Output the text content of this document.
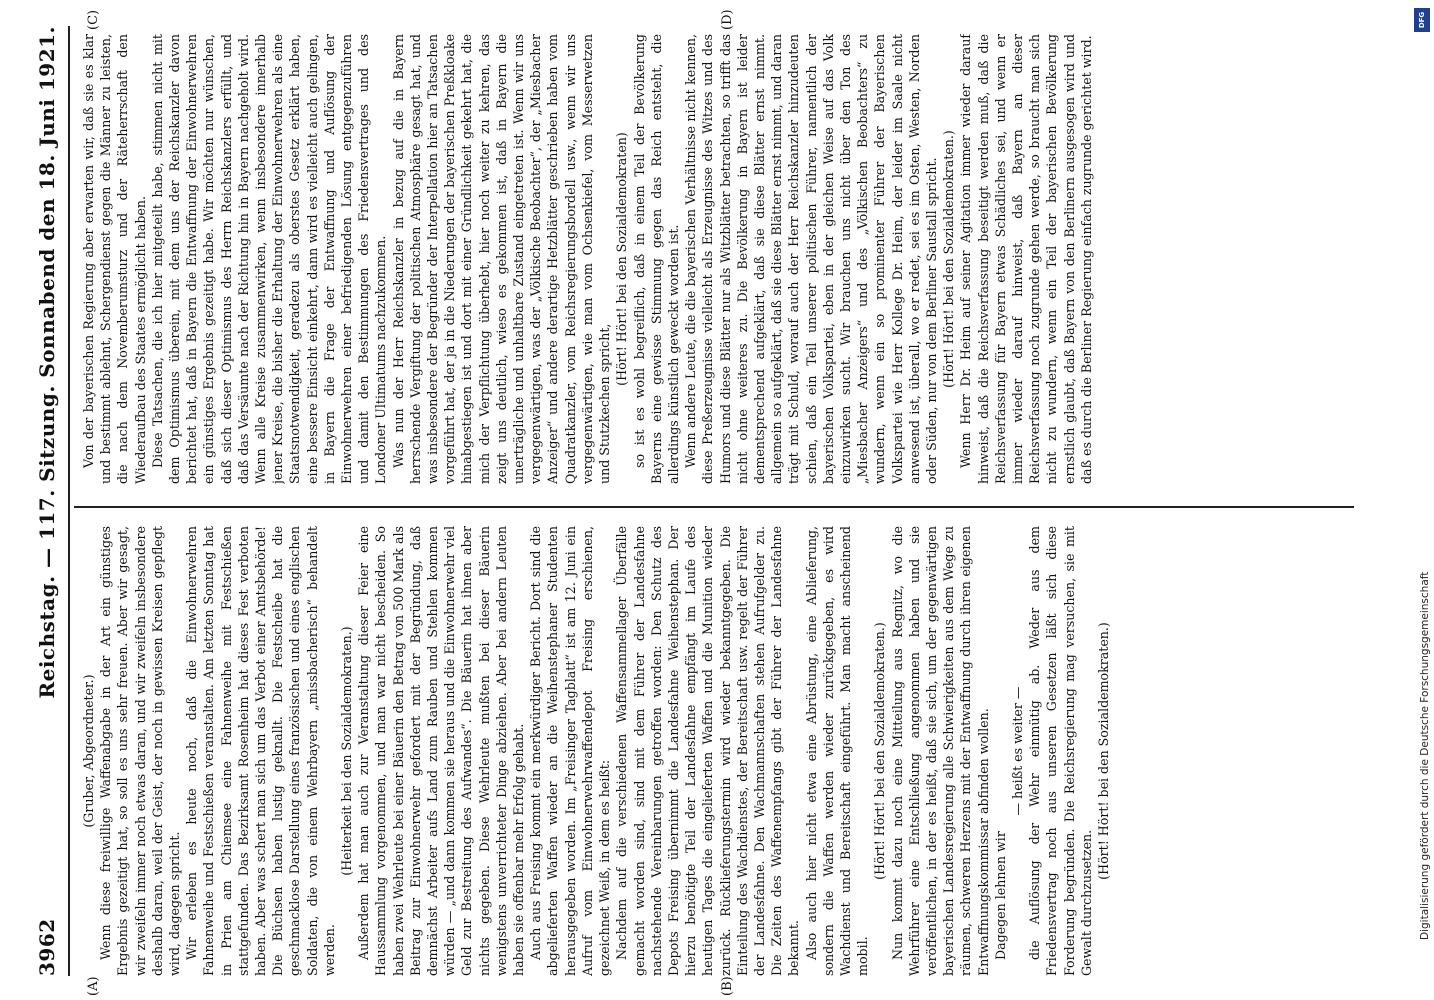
3962
Reichstag. — 117. Sitzung. Sonnabend den 18. Juni 1921.

(Gruber, Abgeordneter.) Wenn diese freiwillige Waffenabgabe in der Art ein günstiges Ergebnis gezeitigt hat, so soll es uns sehr freuen. Aber wir gesagt, wir zweifeln immer noch etwas daran, und wir zweifeln insbesondere deshalb daran, weil der Geist, der noch in gewissen Kreisen gepflegt wird, dagegen spricht. Wir erleben es heute noch, daß die Einwohnerwehren Fahnenweihe und Festschießen veranstalten. Am letzten Sonntag hat in Prien am Chiemsee eine Fahnenweihe mit Festschießen stattgefunden. Das Bezirksamt Rosenheim hat dieses Fest verboten haben. Aber was schert man sich um das Verbot einer Amtsbehörde! Die Büchsen haben lustig geknallt. Die Festscheibe hat die geschmacklose Darstellung eines französischen und eines englischen Soldaten, die von einem Wehrbayern „missbacherisch“ behandelt werden.

(Heiterkeit bei den Sozialdemokraten.) Außerdem hat man auch zur Veranstaltung dieser Feier eine Haussammlung vorgenommen, und man war nicht bescheiden. So haben zwei Wehrleute bei einer Bäuerin den Betrag von 500 Mark als Beitrag zur Einwohnerwehr gefordert mit der Begründung, daß demnächst Arbeiter aufs Land zum Rauben und Stehlen kommen würden — „und dann kommen sie heraus und die Einwohnerwehr viel Geld zur Bestreitung des Aufwandes“. Die Bäuerin hat ihnen aber nichts gegeben. Diese Wehrleute mußten bei dieser Bäuerin wenigstens unverrichteter Dinge abziehen. Aber bei andern Leuten haben sie offenbar mehr Erfolg gehabt. Auch aus Freising kommt ein merkwürdiger Bericht. Dort sind die abgelieferten Waffen wieder an die Weihenstephaner Studenten herausgegeben worden. Im „Freisinger Tagblatt“ ist am 12. Juni ein Aufruf vom Einwohnerwehrwaffendepot Freising erschienen, gezeichnet Weiß, in dem es heißt: Nachdem auf die verschiedenen Waffensammellager Überfälle gemacht worden sind, sind mit dem Führer der Landesfahne nachstehende Vereinbarungen getroffen worden: Den Schutz des Depots Freising übernimmt die Landesfahne Weihenstephan. Der hierzu benötigte Teil der Landesfahne empfängt im Laufe des heutigen Tages die eingelieferten Waffen und die Munition wieder zurück. Rücklieferungstermin wird wieder bekanntgegeben. Die Einteilung des Wachdienstes, der Bereitschaft usw. regelt der Führer der Landesfahne. Den Wachmannschaften stehen Aufrufgelder zu. Die Zeiten des Waffenempfangs gibt der Führer der Landesfahne bekannt. Also auch hier nicht etwa eine Abrüstung, eine Ablieferung, sondern die Waffen werden wieder zurückgegeben, es wird Wachdienst und Bereitschaft eingeführt. Man macht anscheinend mobil.

(Hört! Hört! bei den Sozialdemokraten.) Nun kommt dazu noch eine Mitteilung aus Regnitz, wo die Wehrführer eine Entschließung angenommen haben und sie veröffentlichen, in der es heißt, daß sie sich, um der gegenwärtigen bayerischen Landesregierung alle Schwierigkeiten aus dem Wege zu räumen, schweren Herzens mit der Entwaffnung durch ihren eigenen Entwaffnungskommissar abfinden wollen. Dagegen lehnen wir

— heißt es weiter — die Auflösung der Wehr einmütig ab. Weder aus dem Friedensvertrag noch aus unseren Gesetzen läßt sich diese Forderung begründen. Die Reichsregierung mag versuchen, sie mit Gewalt durchzusetzen.

(Hört! Hört! bei den Sozialdemokraten.)

Von der bayerischen Regierung aber erwarten wir, daß sie es klar und bestimmt ablehnt, Schergendienst gegen die Männer zu leisten, die nach dem Novemberumsturz und der Räteherrschaft den Wiederaufbau des Staates ermöglicht haben. Diese Tatsachen, die ich hier mitgeteilt habe, stimmen nicht mit dem Optimismus überein, mit dem uns der Reichskanzler davon berichtet hat, daß in Bayern die Entwaffnung der Einwohnerwehren ein günstiges Ergebnis gezeitigt habe. Wir möchten nur wünschen, daß sich dieser Optimismus des Herrn Reichskanzlers erfüllt, und daß das Versäumte nach der Richtung hin in Bayern nachgeholt wird. Wenn alle Kreise zusammenwirken, wenn insbesondere innerhalb jener Kreise, die bisher die Erhaltung der Einwohnerwehren als eine Staatsnotwendigkeit, geradezu als oberstes Gesetz erklärt haben, eine bessere Einsicht einkehrt, dann wird es vielleicht auch gelingen, in Bayern die Frage der Entwaffnung und Auflösung der Einwohnerwehren einer befriedigenden Lösung entgegenzuführen und damit den Bestimmungen des Friedensvertrages und des Londoner Ultimatums nachzukommen. Was nun der Herr Reichskanzler in bezug auf die in Bayern herrschende Vergiftung der politischen Atmosphäre gesagt hat, und was insbesondere der Begründer der Interpellation hier an Tatsachen vorgeführt hat, der ja in die Niederungen der bayerischen Preßkloake hinabgestiegen ist und dort mit einer Gründlichkeit gekehrt hat, die mich der Verpflichtung überhebt, hier noch weiter zu kehren, das zeigt uns deutlich, wieso es gekommen ist, daß in Bayern die unerträgliche und unhaltbare Zustand eingetreten ist. Wenn wir uns vergegenwärtigen, was der „Völkische Beobachter“, der „Miesbacher Anzeiger“ und andere derartige Hetzblätter geschrieben haben vom Quadratkanzler, vom Reichsregierungsbordell usw., wenn wir uns vergegenwärtigen, wie man vom Ochsenkiefel, vom Messerwetzen und Stutzkechen spricht,

(Hört! Hört! bei den Sozialdemokraten) so ist es wohl begreiflich, daß in einem Teil der Bevölkerung Bayerns eine gewisse Stimmung gegen das Reich entsteht, die allerdings künstlich geweckt worden ist. Wenn andere Leute, die die bayerischen Verhältnisse nicht kennen, diese Preßerzeugnisse vielleicht als Erzeugnisse des Witzes und des Humors und diese Blätter nur als Witzblätter betrachten, so trifft das nicht ohne weiteres zu. Die Bevölkerung in Bayern ist leider dementsprechend aufgeklärt, daß sie diese Blätter ernst nimmt. allgemein so aufgeklärt, daß sie diese Blätter ernst nimmt, und daran trägt mit Schuld, worauf auch der Herr Reichskanzler hinzudeuten schien, daß ein Teil unserer politischen Führer, namentlich der bayerischen Volkspartei, eben in der gleichen Weise auf das Volk einzuwirken sucht. Wir brauchen uns nicht über den Ton des „Miesbacher Anzeigers“ und des „Völkischen Beobachters“ zu wundern, wenn ein so prominenter Führer der Bayerischen Volkspartei wie Herr Kollege Dr. Heim, der leider im Saale nicht anwesend ist, überall, wo er redet, sei es im Osten, Westen, Norden oder Süden, nur von dem Berliner Saustall spricht. (Hört! Hört! bei den Sozialdemokraten.) Wenn Herr Dr. Heim auf seiner Agitation immer wieder darauf hinweist, daß die Reichsverfassung beseitigt werden muß, daß die Reichsverfassung für Bayern etwas Schädliches sei, und wenn er immer wieder darauf hinweist, daß Bayern an dieser Reichsverfassung noch zugrunde gehen werde, so braucht man sich nicht zu wundern, wenn ein Teil der bayerischen Bevölkerung ernstlich glaubt, daß Bayern von den Berlinern ausgesogen wird und daß es durch die Berliner Regierung einfach zugrunde gerichtet wird.

(A)	(B)
(C)	(D)	DFG
Digitalisierung gefördert durch die Deutsche Forschungsgemeinschaft
